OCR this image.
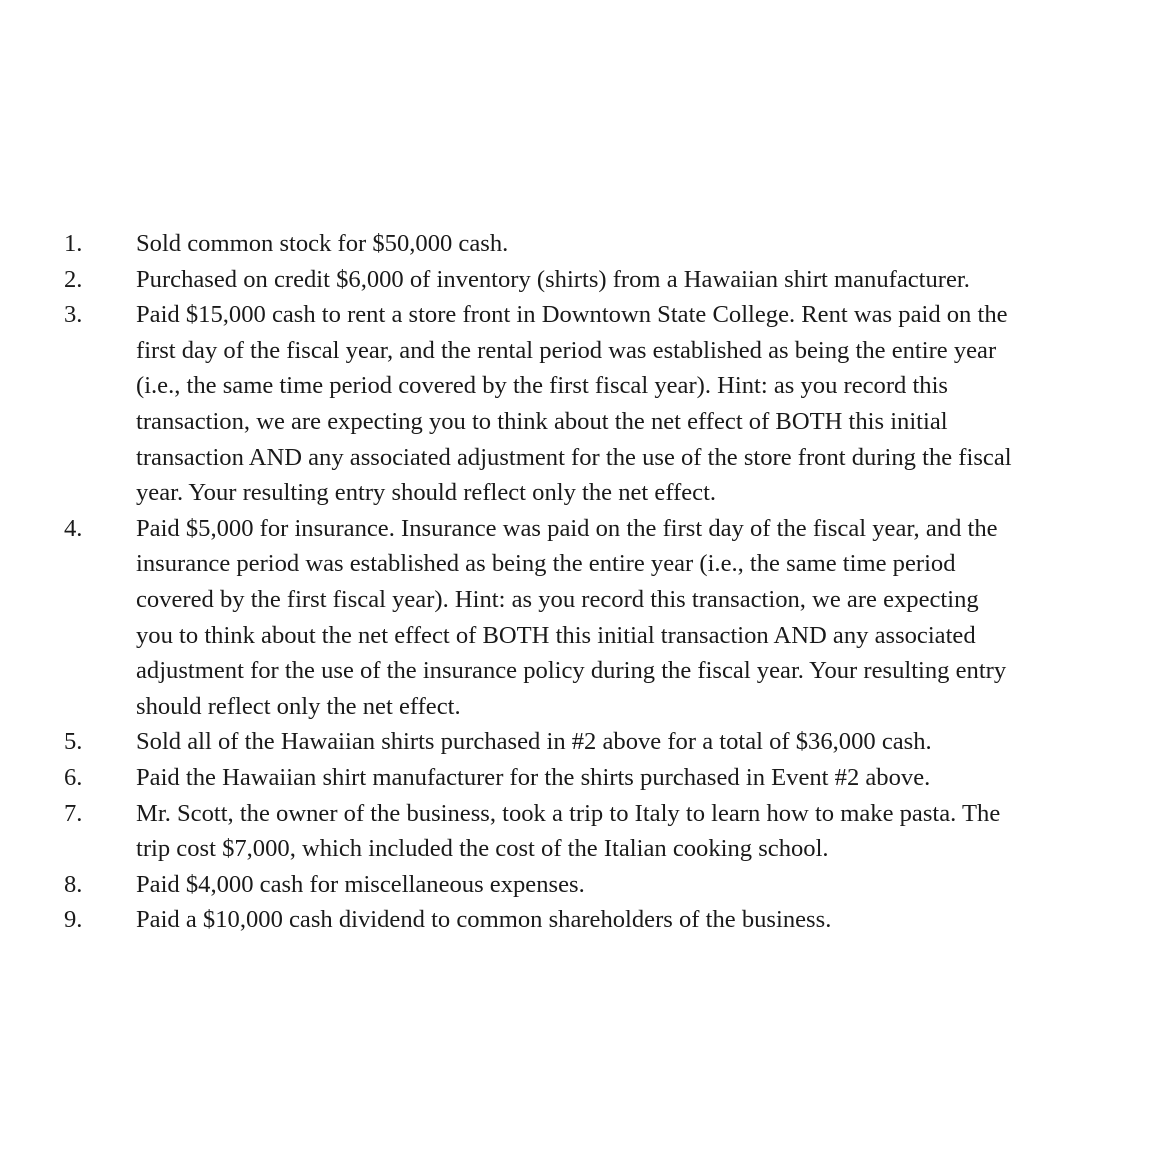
1.	Sold common stock for $50,000 cash.
2.	Purchased on credit $6,000 of inventory (shirts) from a Hawaiian shirt manufacturer.
3.	Paid $15,000 cash to rent a store front in Downtown State College. Rent was paid on the
first day of the fiscal year, and the rental period was established as being the entire year
(i.e., the same time period covered by the first fiscal year). Hint: as you record this
transaction, we are expecting you to think about the net effect of BOTH this initial
transaction AND any associated adjustment for the use of the store front during the fiscal
year. Your resulting entry should reflect only the net effect.
4.	Paid $5,000 for insurance. Insurance was paid on the first day of the fiscal year, and the
insurance period was established as being the entire year (i.e., the same time period
covered by the first fiscal year). Hint: as you record this transaction, we are expecting
you to think about the net effect of BOTH this initial transaction AND any associated
adjustment for the use of the insurance policy during the fiscal year. Your resulting entry
should reflect only the net effect.
5.	Sold all of the Hawaiian shirts purchased in #2 above for a total of $36,000 cash.
6.	Paid the Hawaiian shirt manufacturer for the shirts purchased in Event #2 above.
7.	Mr. Scott, the owner of the business, took a trip to Italy to learn how to make pasta. The
trip cost $7,000, which included the cost of the Italian cooking school.
8.	Paid $4,000 cash for miscellaneous expenses.
9.	Paid a $10,000 cash dividend to common shareholders of the business.
